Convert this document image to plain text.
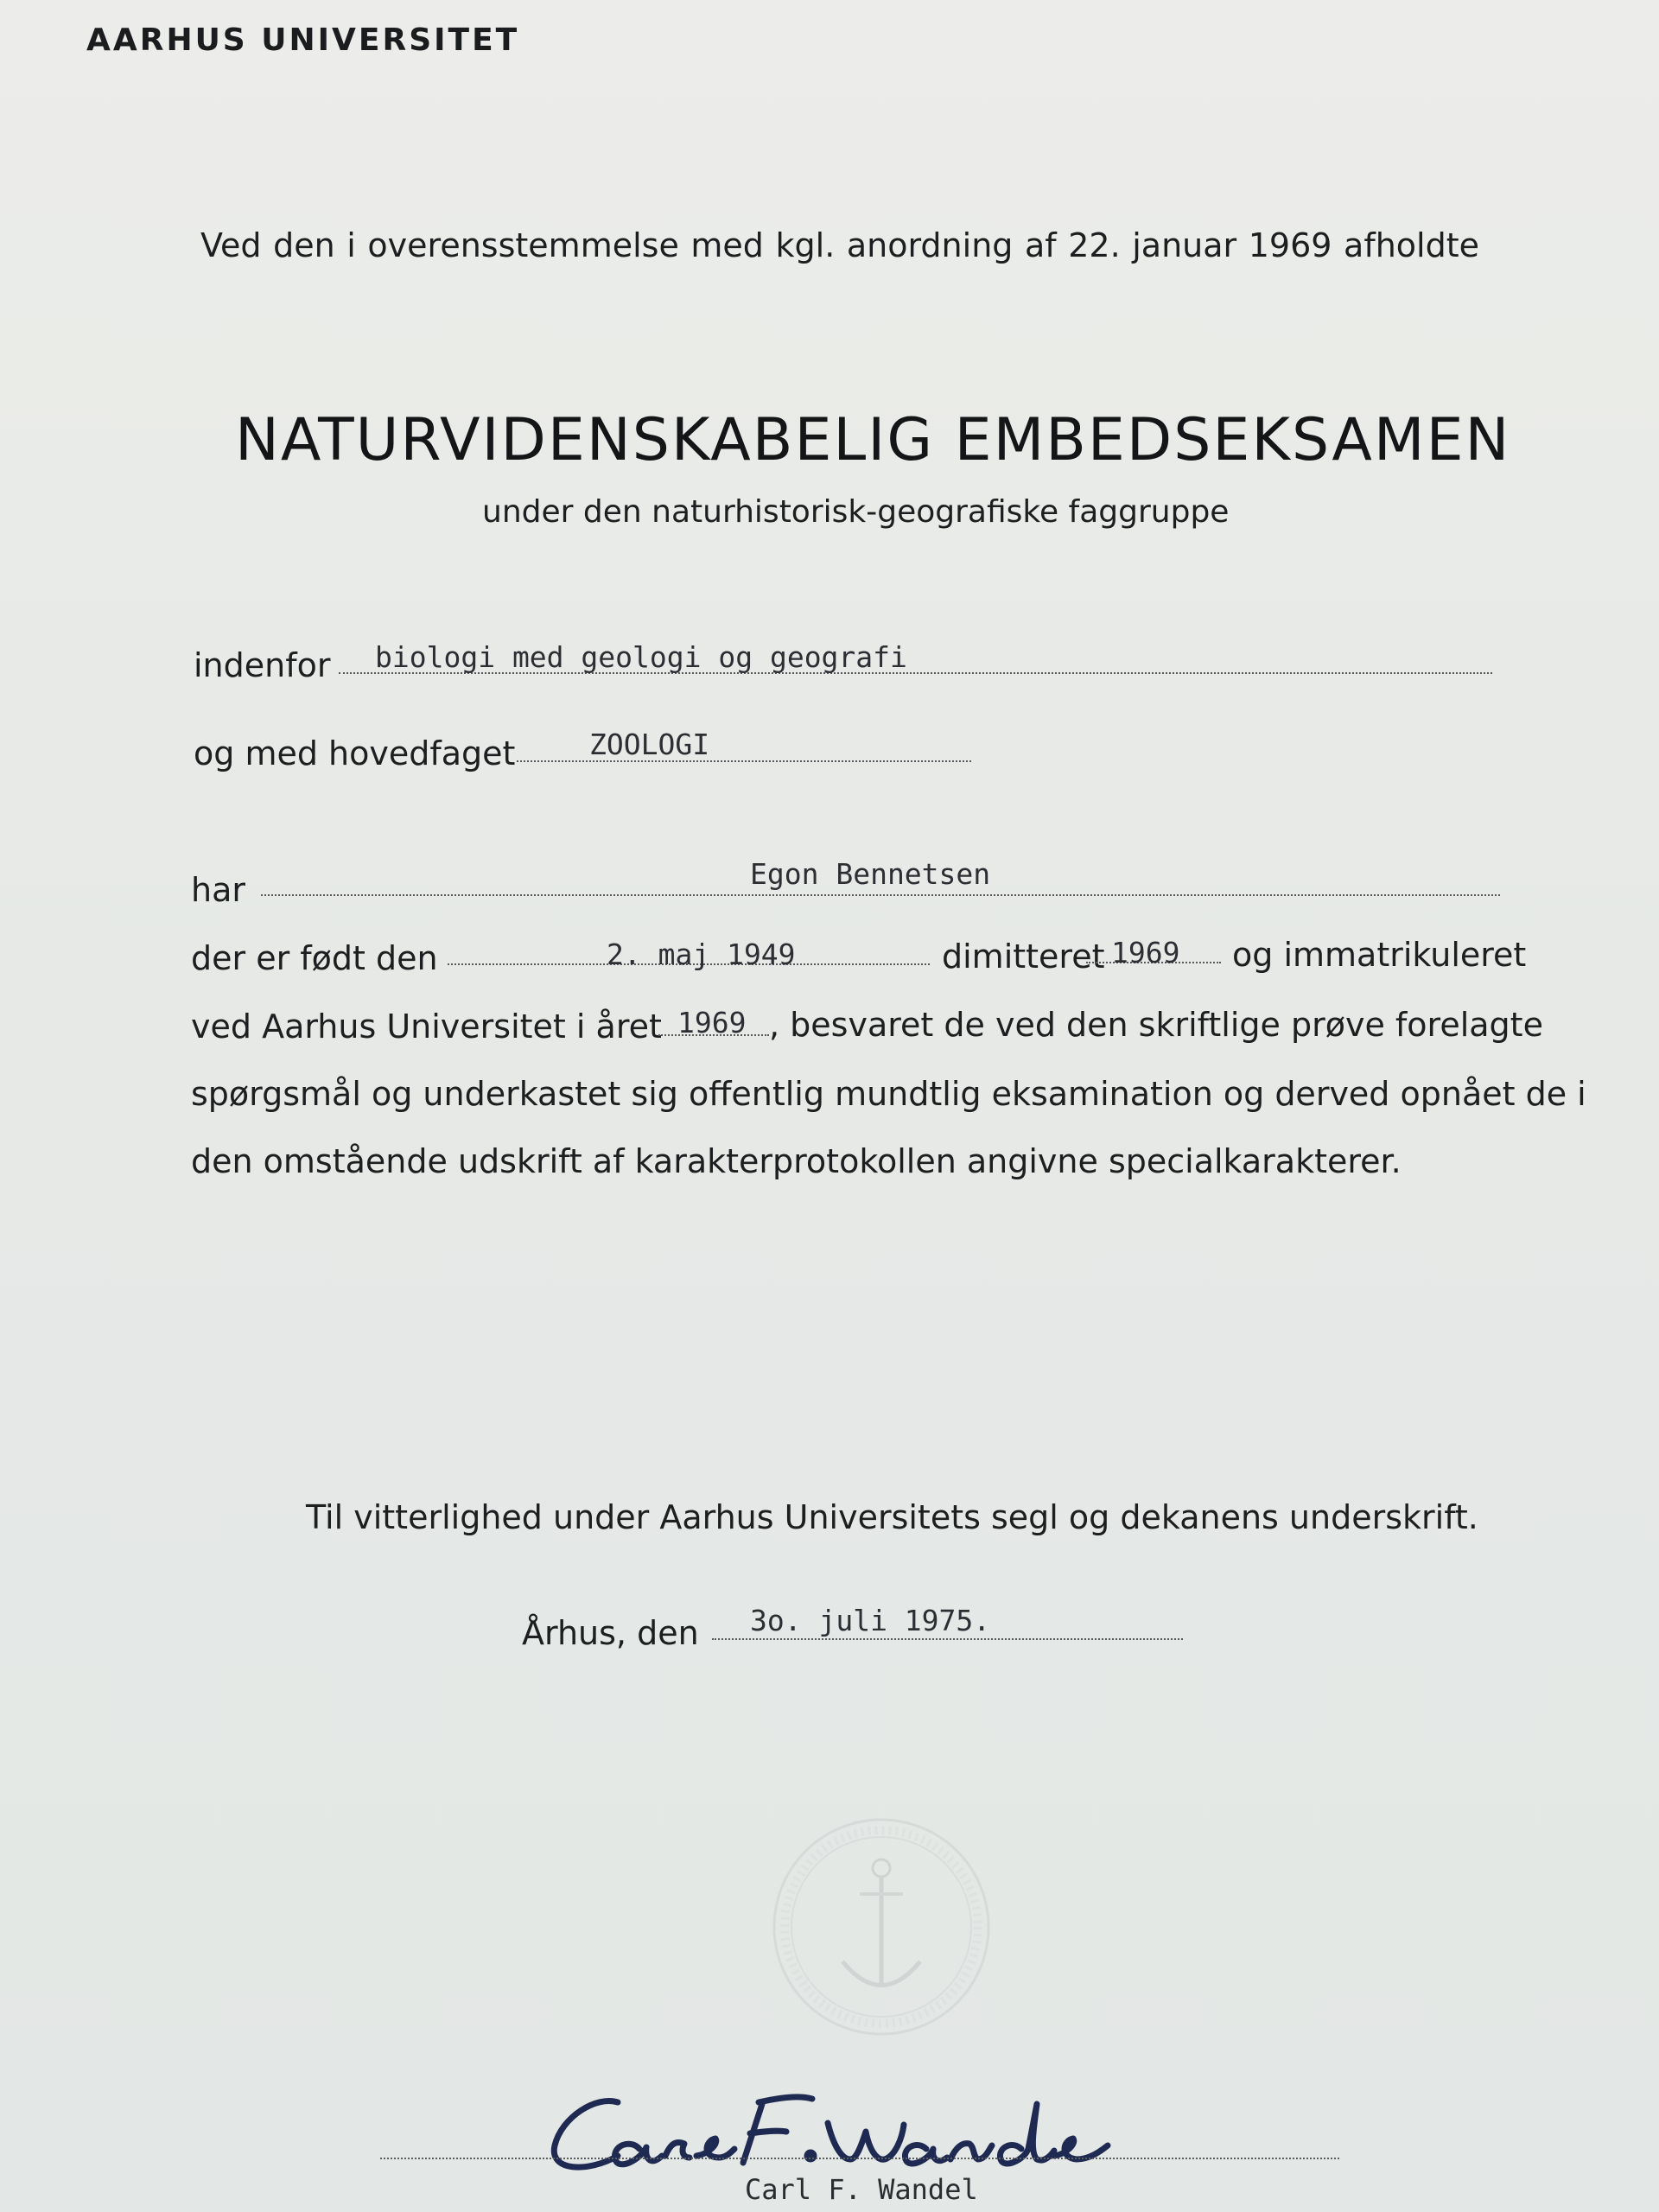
AARHUS UNIVERSITET
Ved den i overensstemmelse med kgl. anordning af 22. januar 1969 afholdte
NATURVIDENSKABELIG EMBEDSEKSAMEN
under den naturhistorisk-geografiske faggruppe
indenfor biologi med geologi og geografi
og med hovedfaget	ZOOLOGI
har	Egon Bennetsen
der er født den	2. maj 1949	dimitteret 1969 og immatrikuleret
ved Aarhus Universitet i året 1969 , besvaret de ved den skriftlige prøve forelagte
spørgsmål og underkastet sig offentlig mundtlig eksamination og derved opnået de i
den omstående udskrift af karakterprotokollen angivne specialkarakterer.
Til vitterlighed under Aarhus Universitets segl og dekanens underskrift.
Århus, den 3o. juli 1975.
Carl F. Wandel
